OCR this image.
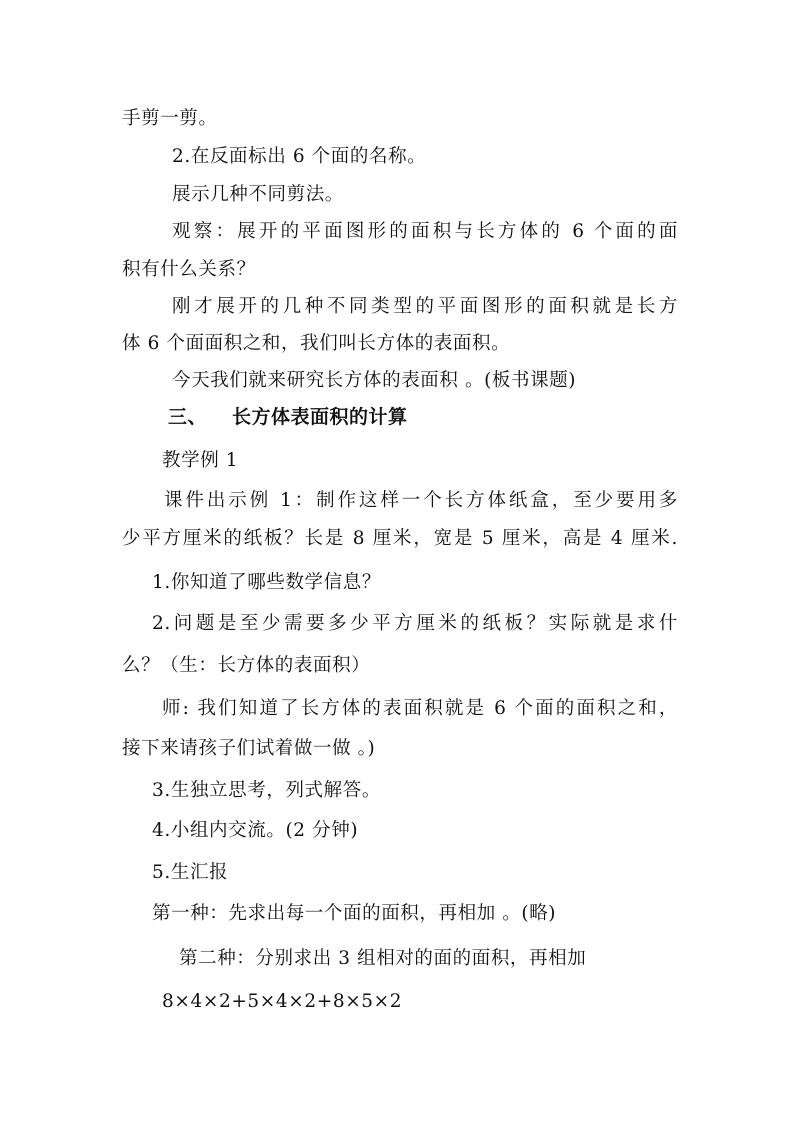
手剪一剪。
2.在反面标出 6 个面的名称。
展示几种不同剪法。
观察：展开的平面图形的面积与长方体的 6 个面的面
积有什么关系？
刚才展开的几种不同类型的平面图形的面积就是长方
体 6 个面面积之和，我们叫长方体的表面积。
今天我们就来研究长方体的表面积 。(板书课题)
三、 长方体表面积的计算
教学例 1
课件出示例 1：制作这样一个长方体纸盒，至少要用多
少平方厘米的纸板？长是 8 厘米，宽是 5 厘米，高是 4 厘米.
1.你知道了哪些数学信息？
2.问题是至少需要多少平方厘米的纸板？实际就是求什
么？（生：长方体的表面积）
师: 我们知道了长方体的表面积就是 6 个面的面积之和，
接下来请孩子们试着做一做 。)
3.生独立思考，列式解答。
4.小组内交流。(2 分钟)
5.生汇报
第一种：先求出每一个面的面积，再相加 。(略)
第二种：分别求出 3 组相对的面的面积，再相加
8×4×2+5×4×2+8×5×2
